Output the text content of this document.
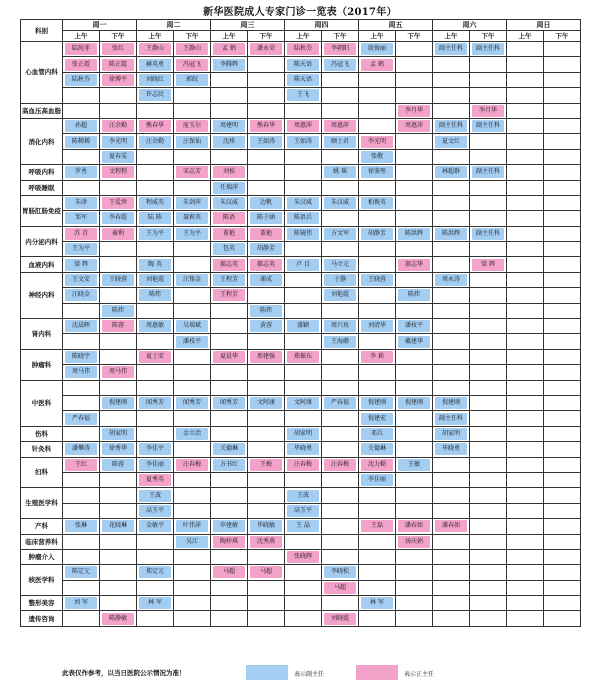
新华医院成人专家门诊一览表（2017年）
科别	周一		周二		周三		周四		周五		周六		周日	
	上午	下午	上午	下午	上午	下午	上午	下午	上午	下午	上午	下午	上午	下午
心血管内科	陆纯菲	张红	王静山	王静山	孟 鹤	潘永荣	陆秋芬	李朝阳	殷俊丽		副主任科	副主任科		

	张正霞	陈正霞	赫英勇	冯冠飞	李腾辉		陈天语	冯冠飞	孟 鹤					

	陆秋芬	徐博平	刘晓红	郭皖			陈天语							

			许志民				王飞							

高血压高血脂										李月华		李月华		

消化内科	孙超	汪余勤	熊春华	庞玉尔	周建明	熊春华	周惠萍	周惠萍		周惠萍	副主任科	副主任科		

	陈稀稀	李光明	汪余勤	汪保仙	沈烽	王如涛	王如涛	顾士君	李光明		夏文红			

		夏春雯							张敬					

呼吸内科	罗勇	文程程		宋志芳	刘松			姚 瑶	徐鉴彤		林超群	副主任科		

呼吸睡眠					任瑞萍									

胃肠肛肠免疫	朱津	王爱珍	程威英	朱剑萍	朱汉威	边帆	朱汉威	朱汉威	栢俊英					

	邹军	李春霞	陆 陈	聂莉英	陈语	陈子涵	陈语兵							

内分泌内科	苏 青	秦利	王为平	王为平	董艳	董艳	陈镜伟	方文军	胡静芳	陈洪辉	陈洪辉	副主任科		

	王为平				包英	胡静芳								

血液内科	梁 辉		陶 英		郝志英	郝志英	卢 目	马立元		郝志华		梁 辉		

神经内科	王文安	王晓蓉	刘艳霞	汪铭金	王程芳	浦成		于静	王晓蓉		周永涛			

	汪晓金		陈炜		王程芳			刘艳霞		陈炜				

		陈炜				陈炜								

肾内科	沈晨晖	陈蓉	周惠敏	吴瑞斌		黄蓉	盛颖	周兴玫	刘清华	潘枝平				

				潘枝平				王海礁		戴建华				

肿瘤科	陈晓宇		夏士安		夏晨华	邢建强	郑振东		李 莉					

	周马伟	周马伟												

中医科														

		倪建刚	闻秀芳	闻秀芳	闻秀芳	文阿康	文阿康	严春福	倪建刚	倪建刚	倪建刚			

	严春福								倪建宏		副主任科			

伤科		胡家明		金立冶			胡家明		邓兵		胡家明			

针灸科	潘攀涛	徐秀华	李佳平		关德琳		毕晓勇		关德琳		毕晓勇			

妇科	王红	陈蓉	李佳丽	汪春梅	方书红	王梅	汪春梅	汪春梅	沈力勤	王敏				

			夏秀英						李佳丽					

生殖医学科			王波				王波							

			高玉平				高玉平							

产科	张琳	花晓琳	金敏平	叶伟萍	申建敏	毕晓敏	王 晶		王磊	潘春如	潘春如			

临床营养科				吴江	陶梓琪	沈秀燕				汤庆娟				

肿瘤介入							张晓辉							

核医学科	陈定元		郑定元		马超	马超		李晓松						

								马超						

整形美容	刘 军		林 军						林 军					

遗传咨询		陈静敏						刘晓霞						

此表仅作参考，以当日医院公示情况为准！	表示副主任	表示正主任
